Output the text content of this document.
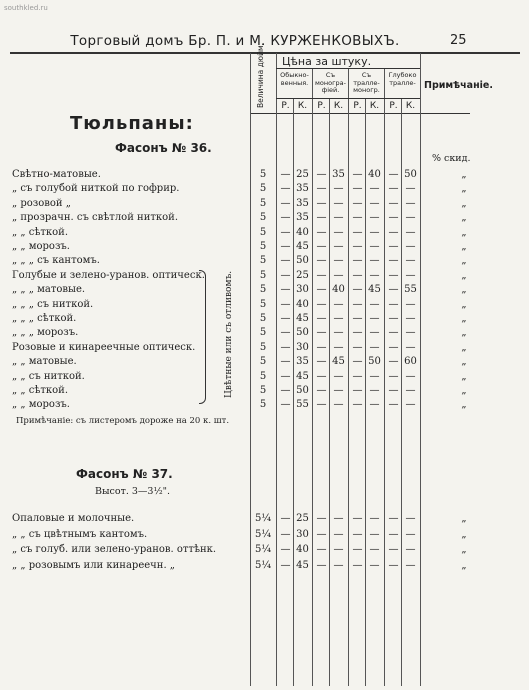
southkled.ru
Торговый домъ Бр. П. и М. КУРЖЕНКОВЫХЪ.	25
Величина дюйм. Цѣна за штуку.
Обыкно-венныя.
Съ моногра-фіей.
Съ тралле-моногр.
Глубоко тралле- Примѣчаніе.
Р. К.	Р. К.	Р. К.	Р. К.
Тюльпаны:
Фасонъ № 36.
% скид.
Свѣтно-матовые.	5	— 25 — 35 — 40 — 50	„
„ съ голубой ниткой по гофрир.	5	— 35 — — — — — —	„
„ розовой „	5	— 35 — — — — — —	„
„ прозрачн. съ свѣтлой ниткой.	5	— 35 — — — — — —	„
„ „ сѣткой.	5	— 40 — — — — — —	„
„ „ морозъ.	5	— 45 — — — — — —	„
„ „ „ съ кантомъ.	5	— 50 — — — — — —	„
Голубые и зелено-уранов. оптическ.	5	— 25 — — — — — —	„
„ „ „ матовые.	5	— 30 — 40 — 45 — 55	„
„ „ „ съ ниткой.	5	— 40 — — — — — —	„
„ „ „ сѣткой.	5	— 45 — — — — — —	„
„ „ „ морозъ.	5	— 50 — — — — — —	„
Розовые и кинареечные оптическ.	5	— 30 — — — — — —	„
„ „ матовые.	5	— 35 — 45 — 50 — 60	„
„ „ съ ниткой.	5	— 45 — — — — — —	„
„ „ сѣткой.	5	— 50 — — — — — —	„
„ „ морозъ.	5	— 55 — — — — — —	„
Цвѣтные или съ отливомъ.
Примѣчаніе: съ листеромъ дороже на 20 к. шт.
Фасонъ № 37.
Высот. 3—3½".
Опаловые и молочные.	5¼ — 25 — — — — — —	„
„ „ съ цвѣтнымъ кантомъ.	5¼ — 30 — — — — — —	„
„ съ голуб. или зелено-уранов. оттѣнк.	5¼ — 40 — — — — — —	„
„ „ розовымъ или кинареечн. „	5¼ — 45 — — — — — —	„
